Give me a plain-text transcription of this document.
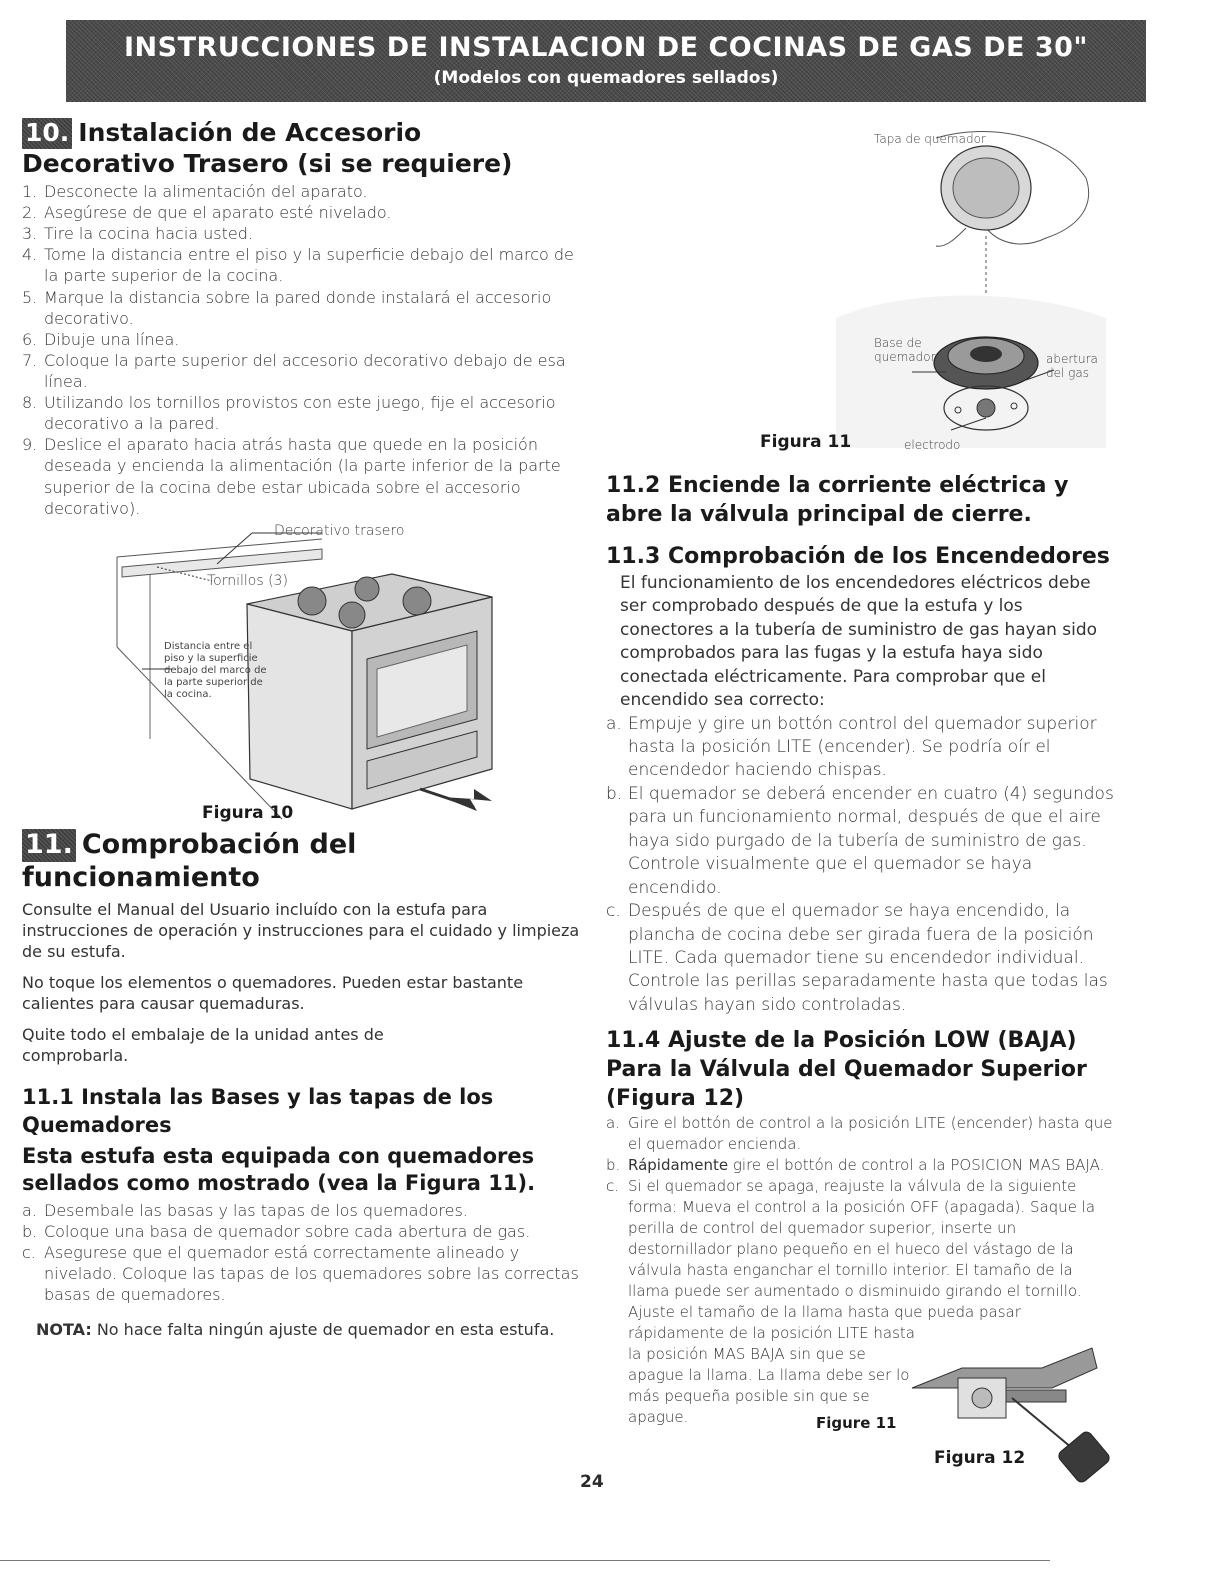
INSTRUCCIONES DE INSTALACION DE COCINAS DE GAS DE 30"
(Modelos con quemadores sellados)
10. Instalación de Accesorio
Decorativo Trasero (si se requiere)
1. Desconecte la alimentación del aparato.
2. Asegúrese de que el aparato esté nivelado.
3. Tire la cocina hacia usted.
4. Tome la distancia entre el piso y la superficie debajo del marco de la parte superior de la cocina.
5. Marque la distancia sobre la pared donde instalará el accesorio decorativo.
6. Dibuje una línea.
7. Coloque la parte superior del accesorio decorativo debajo de esa línea.
8. Utilizando los tornillos provistos con este juego, fije el accesorio decorativo a la pared.
9. Deslice el aparato hacia atrás hasta que quede en la posición deseada y encienda la alimentación (la parte inferior de la parte superior de la cocina debe estar ubicada sobre el accesorio decorativo).
Decorativo trasero
Tornillos (3)
Distancia entre el
piso y la superficie
debajo del marco de
la parte superior de
la cocina.
Figura 10
11. Comprobación del funcionamiento
Consulte el Manual del Usuario incluído con la estufa para instrucciones de operación y instrucciones para el cuidado y limpieza de su estufa.
No toque los elementos o quemadores. Pueden estar bastante calientes para causar quemaduras.
Quite todo el embalaje de la unidad antes de comprobarla.
11.1 Instala las Bases y las tapas de los Quemadores
Esta estufa esta equipada con quemadores sellados como mostrado (vea la Figura 11).
a. Desembale las basas y las tapas de los quemadores.
b. Coloque una basa de quemador sobre cada abertura de gas.
c. Asegurese que el quemador está correctamente alineado y nivelado. Coloque las tapas de los quemadores sobre las correctas basas de quemadores.
NOTA: No hace falta ningún ajuste de quemador en esta estufa.
Tapa de quemador
Base de quemador	abertura del gas
electrodo
Figura 11
11.2 Enciende la corriente eléctrica y abre la válvula principal de cierre.
11.3 Comprobación de los Encendedores
El funcionamiento de los encendedores eléctricos debe ser comprobado después de que la estufa y los conectores a la tubería de suministro de gas hayan sido comprobados para las fugas y la estufa haya sido conectada eléctricamente. Para comprobar que el encendido sea correcto:
a. Empuje y gire un bottón control del quemador superior hasta la posición LITE (encender). Se podría oír el encendedor haciendo chispas.
b. El quemador se deberá encender en cuatro (4) segundos para un funcionamiento normal, después de que el aire haya sido purgado de la tubería de suministro de gas. Controle visualmente que el quemador se haya encendido.
c. Después de que el quemador se haya encendido, la plancha de cocina debe ser girada fuera de la posición LITE. Cada quemador tiene su encendedor individual. Controle las perillas separadamente hasta que todas las válvulas hayan sido controladas.
11.4 Ajuste de la Posición LOW (BAJA) Para la Válvula del Quemador Superior (Figura 12)
a. Gire el bottón de control a la posición LITE (encender) hasta que el quemador encienda.
b. Rápidamente gire el bottón de control a la POSICION MAS BAJA.
c. Si el quemador se apaga, reajuste la válvula de la siguiente forma: Mueva el control a la posición OFF (apagada). Saque la perilla de control del quemador superior, inserte un destornillador plano pequeño en el hueco del vástago de la válvula hasta enganchar el tornillo interior. El tamaño de la llama puede ser aumentado o disminuido girando el tornillo. Ajuste el tamaño de la llama hasta que pueda pasar
rápidamente de la posición LITE hasta la posición MAS BAJA sin que se apague la llama. La llama debe ser lo más pequeña posible sin que se apague.	Figure 11
Figura 12
24
